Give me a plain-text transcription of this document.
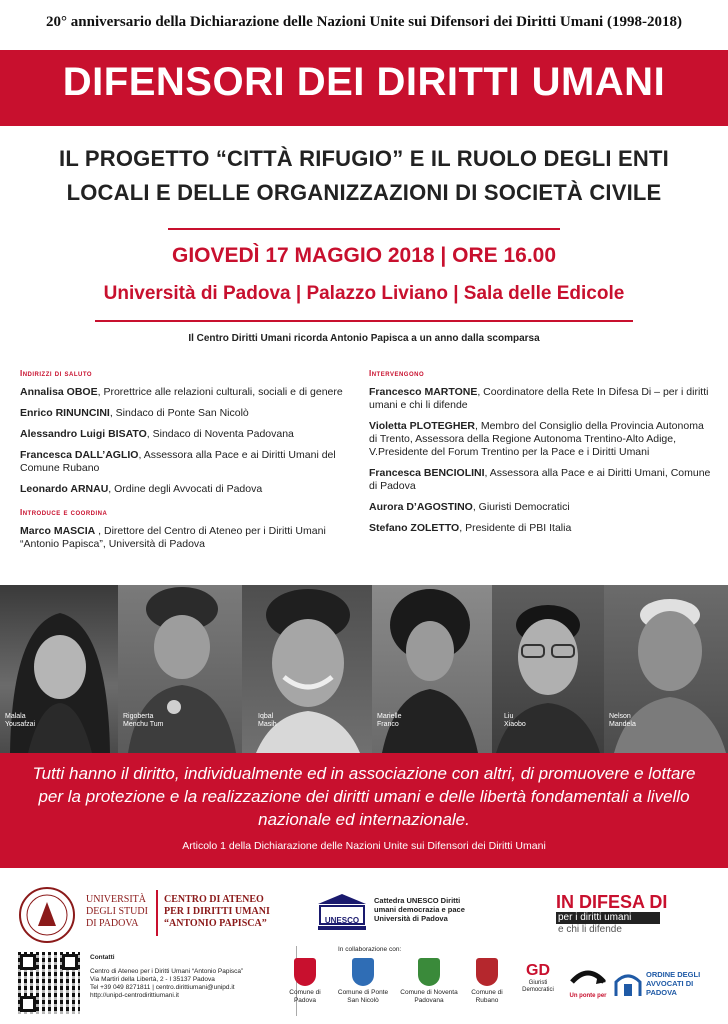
20° anniversario della Dichiarazione delle Nazioni Unite sui Difensori dei Diritti Umani (1998-2018)
DIFENSORI DEI DIRITTI UMANI
IL PROGETTO “CITTÀ RIFUGIO” E IL RUOLO DEGLI ENTI
LOCALI E DELLE ORGANIZZAZIONI DI SOCIETÀ CIVILE
GIOVEDÌ 17 MAGGIO 2018 | ORE 16.00
Università di Padova | Palazzo Liviano | Sala delle Edicole
Il Centro Diritti Umani ricorda Antonio Papisca a un anno dalla scomparsa
Indirizzi di saluto
Annalisa OBOE, Prorettrice alle relazioni culturali, sociali e di genere
Enrico RINUNCINI, Sindaco di Ponte San Nicolò
Alessandro Luigi BISATO, Sindaco di Noventa Padovana
Francesca DALL’AGLIO, Assessora alla Pace e ai Diritti Umani del Comune Rubano
Leonardo ARNAU, Ordine degli Avvocati di Padova
Introduce e coordina
Marco MASCIA , Direttore del Centro di Ateneo per i Diritti Umani “Antonio Papisca”, Università di Padova
Intervengono
Francesco MARTONE, Coordinatore della Rete In Difesa Di – per i diritti umani e chi li difende
Violetta PLOTEGHER, Membro del Consiglio della Provincia Autonoma di Trento, Assessora della Regione Autonoma Trentino-Alto Adige, V.Presidente del Forum Trentino per la Pace e i Diritti Umani
Francesca BENCIOLINI, Assessora alla Pace e ai Diritti Umani, Comune di Padova
Aurora D’AGOSTINO, Giuristi Democratici
Stefano ZOLETTO, Presidente di PBI Italia
Malala Yousafzai
Rigoberta Menchu Tum
Iqbal Masih
Marielle Franco
Liu Xiaobo
Nelson Mandela
Tutti hanno il diritto, individualmente ed in associazione con altri, di promuovere e lottare per la protezione e la realizzazione dei diritti umani e delle libertà fondamentali a livello nazionale ed internazionale.
Articolo 1 della Dichiarazione delle Nazioni Unite sui Difensori dei Diritti Umani
UNIVERSITÀ DEGLI STUDI DI PADOVA
CENTRO DI ATENEO PER I DIRITTI UMANI “ANTONIO PAPISCA”	UNESCO
Cattedra UNESCO Diritti umani democrazia e pace Università di Padova
IN DIFESA DI
per i diritti umani
e chi li difende
Contatti
Centro di Ateneo per i Diritti Umani “Antonio Papisca”
Via Martiri della Libertà, 2 - I 35137 Padova
Tel +39 049 8271811 | centro.dirittiumani@unipd.it
http://unipd-centrodirittiumani.it
In collaborazione con:
Comune di Padova
Comune di Ponte San Nicolò
Comune di Noventa Padovana
Comune di Rubano
GD
Giuristi Democratici
Un ponte per
ORDINE DEGLI AVVOCATI DI PADOVA
